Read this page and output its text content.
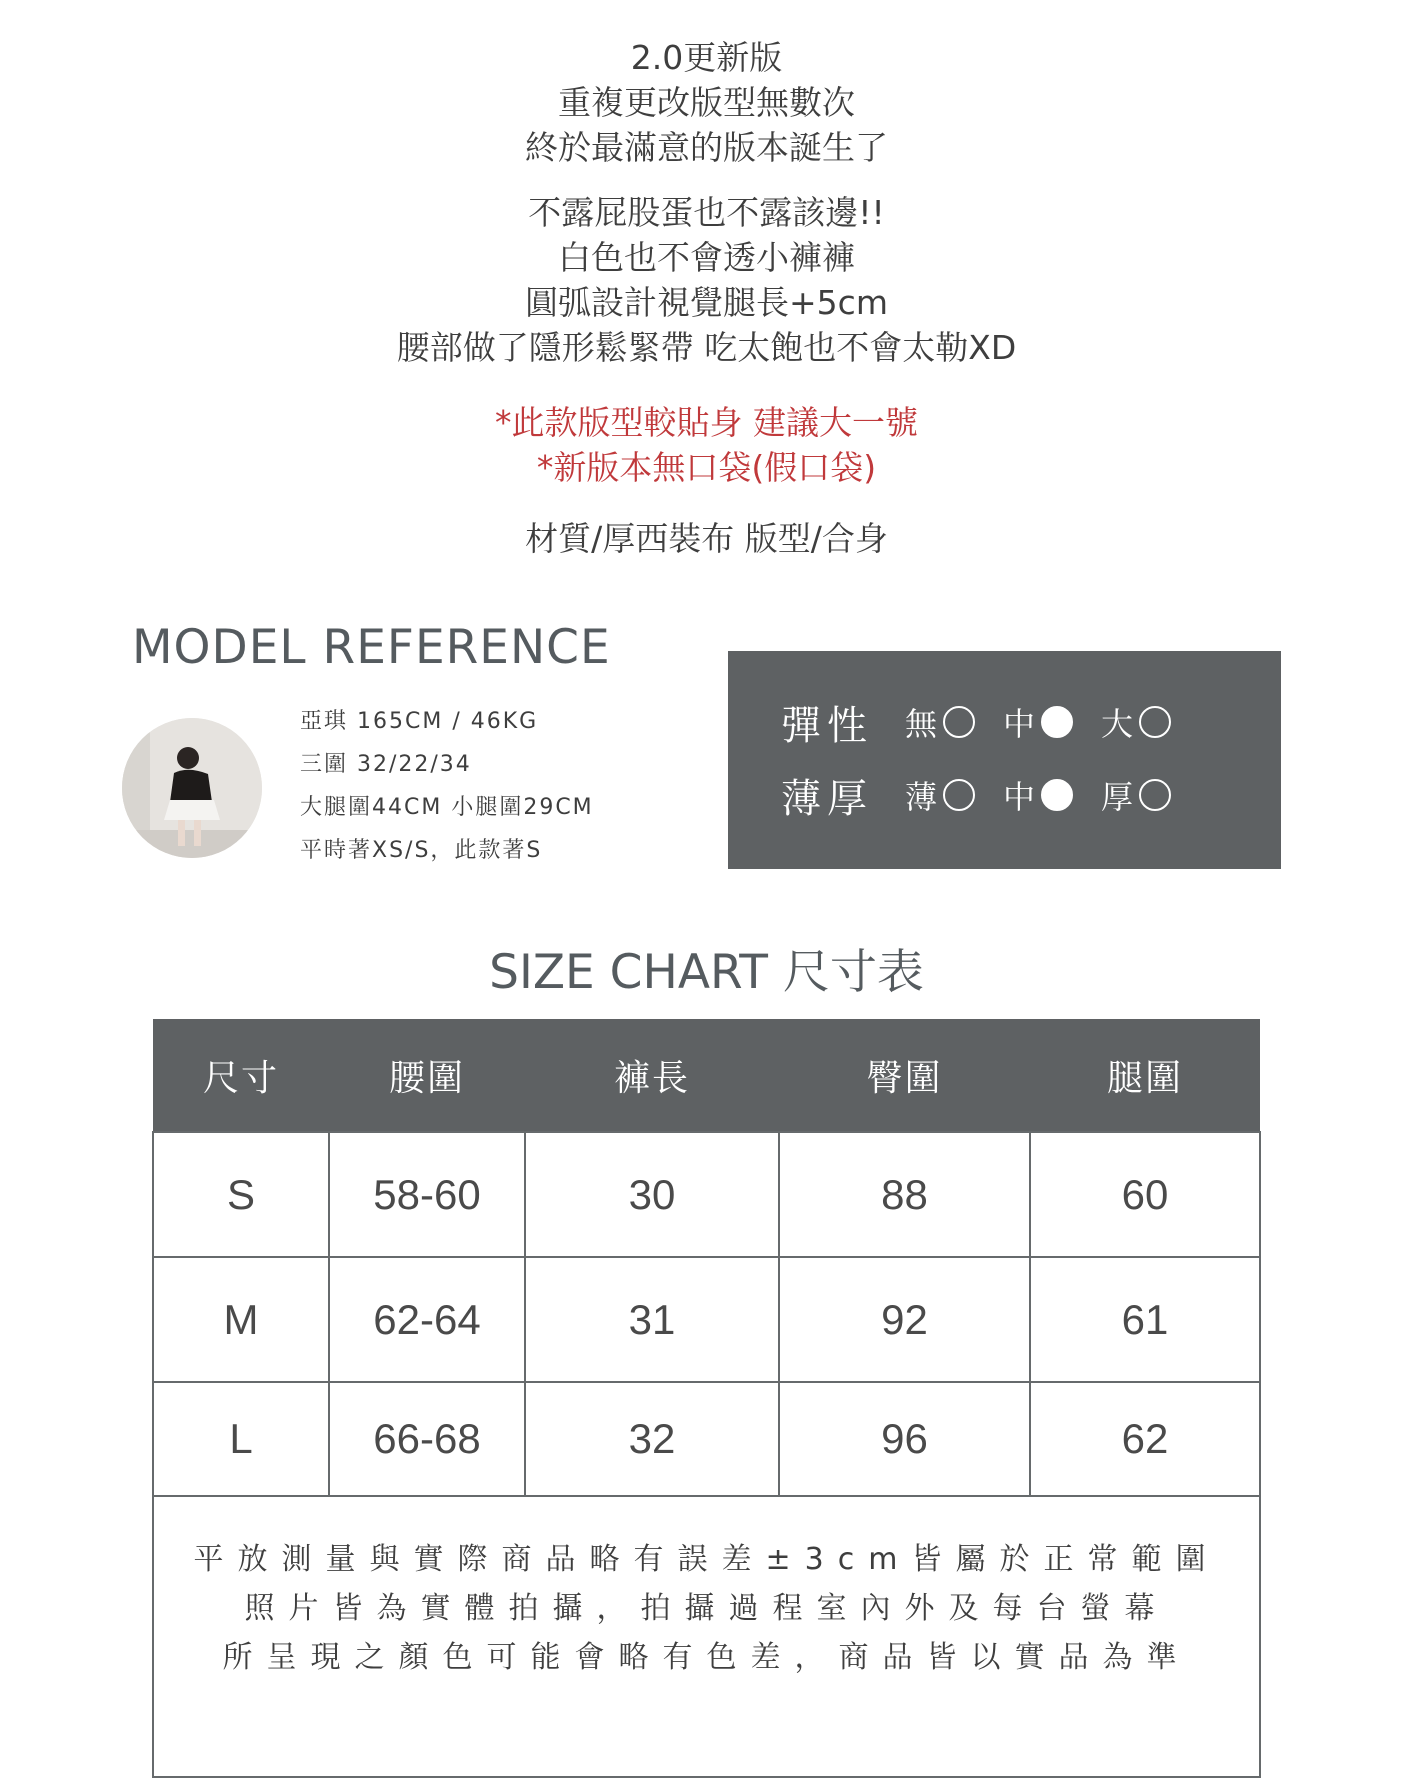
2.0更新版
重複更改版型無數次
終於最滿意的版本誕生了
不露屁股蛋也不露該邊!!
白色也不會透小褲褲
圓弧設計視覺腿長+5cm
腰部做了隱形鬆緊帶 吃太飽也不會太勒XD
*此款版型較貼身 建議大一號
*新版本無口袋(假口袋)
材質/厚西裝布 版型/合身
MODEL REFERENCE
亞琪 165CM / 46KG
三圍 32/22/34
大腿圍44CM 小腿圍29CM
平時著XS/S，此款著S
彈性	無 中 大
薄厚	薄 中 厚
SIZE CHART 尺寸表
尺寸	腰圍	褲長	臀圍	腿圍
S	58-60	30	88	60
M	62-64	31	92	61
L	66-68	32	96	62

平放測量與實際商品略有誤差±3cm皆屬於正常範圍
照片皆為實體拍攝，拍攝過程室內外及每台螢幕
所呈現之顏色可能會略有色差，商品皆以實品為準				
